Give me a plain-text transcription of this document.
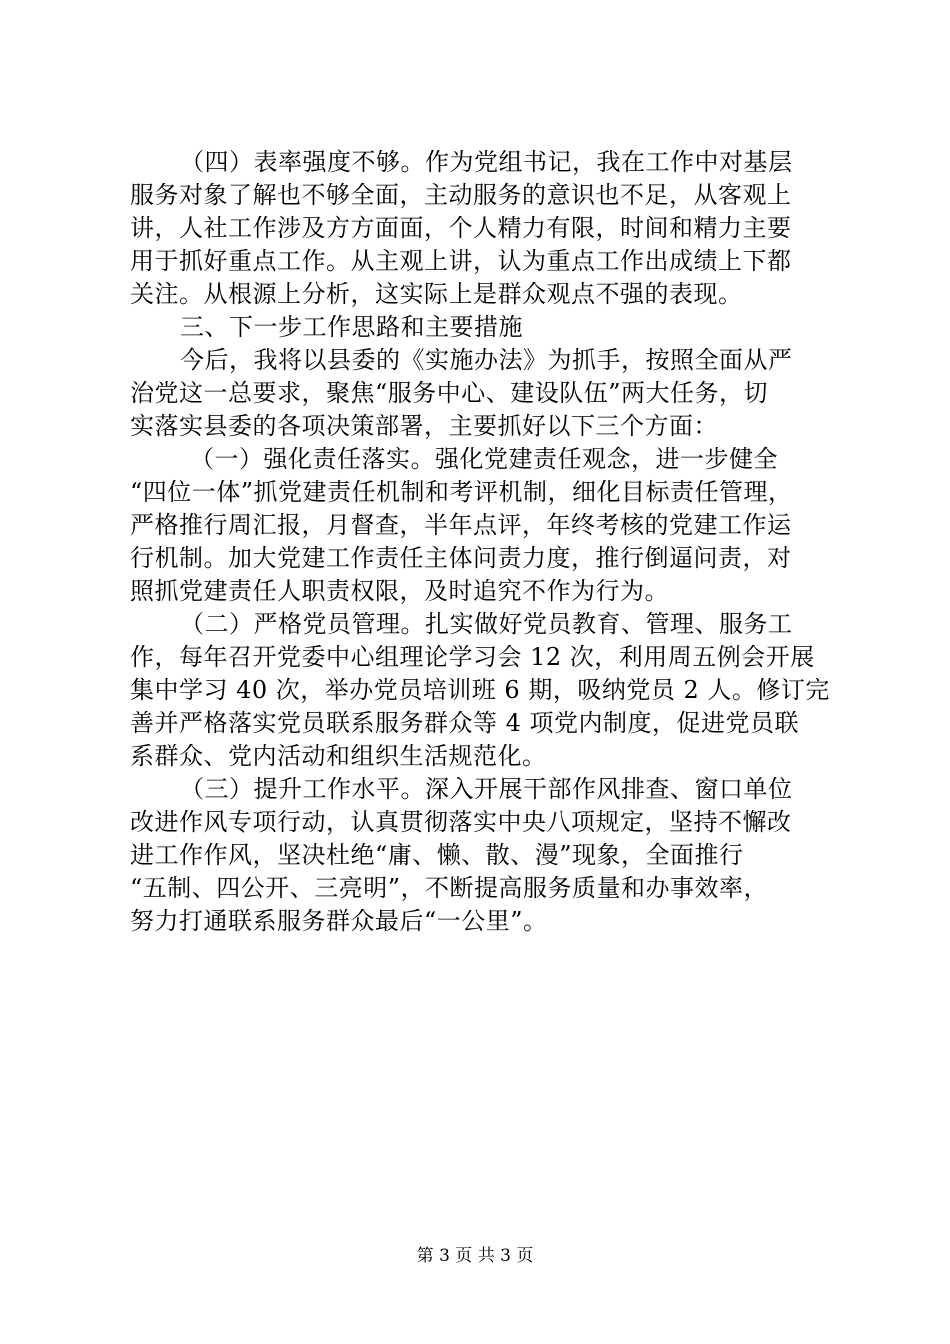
（四）表率强度不够。作为党组书记，我在工作中对基层
服务对象了解也不够全面，主动服务的意识也不足，从客观上
讲，人社工作涉及方方面面，个人精力有限，时间和精力主要
用于抓好重点工作。从主观上讲，认为重点工作出成绩上下都
关注。从根源上分析，这实际上是群众观点不强的表现。
三、下一步工作思路和主要措施
今后，我将以县委的《实施办法》为抓手，按照全面从严
治党这一总要求，聚焦“服务中心、建设队伍”两大任务，切
实落实县委的各项决策部署，主要抓好以下三个方面：
（一）强化责任落实。强化党建责任观念，进一步健全
“四位一体”抓党建责任机制和考评机制，细化目标责任管理，
严格推行周汇报，月督查，半年点评，年终考核的党建工作运
行机制。加大党建工作责任主体问责力度，推行倒逼问责，对
照抓党建责任人职责权限，及时追究不作为行为。
（二）严格党员管理。扎实做好党员教育、管理、服务工
作，每年召开党委中心组理论学习会 12 次，利用周五例会开展
集中学习 40 次，举办党员培训班 6 期，吸纳党员 2 人。修订完
善并严格落实党员联系服务群众等 4 项党内制度，促进党员联
系群众、党内活动和组织生活规范化。
（三）提升工作水平。深入开展干部作风排查、窗口单位
改进作风专项行动，认真贯彻落实中央八项规定，坚持不懈改
进工作作风，坚决杜绝“庸、懒、散、漫”现象，全面推行
“五制、四公开、三亮明”，不断提高服务质量和办事效率，
努力打通联系服务群众最后“一公里”。
第 3 页 共 3 页
